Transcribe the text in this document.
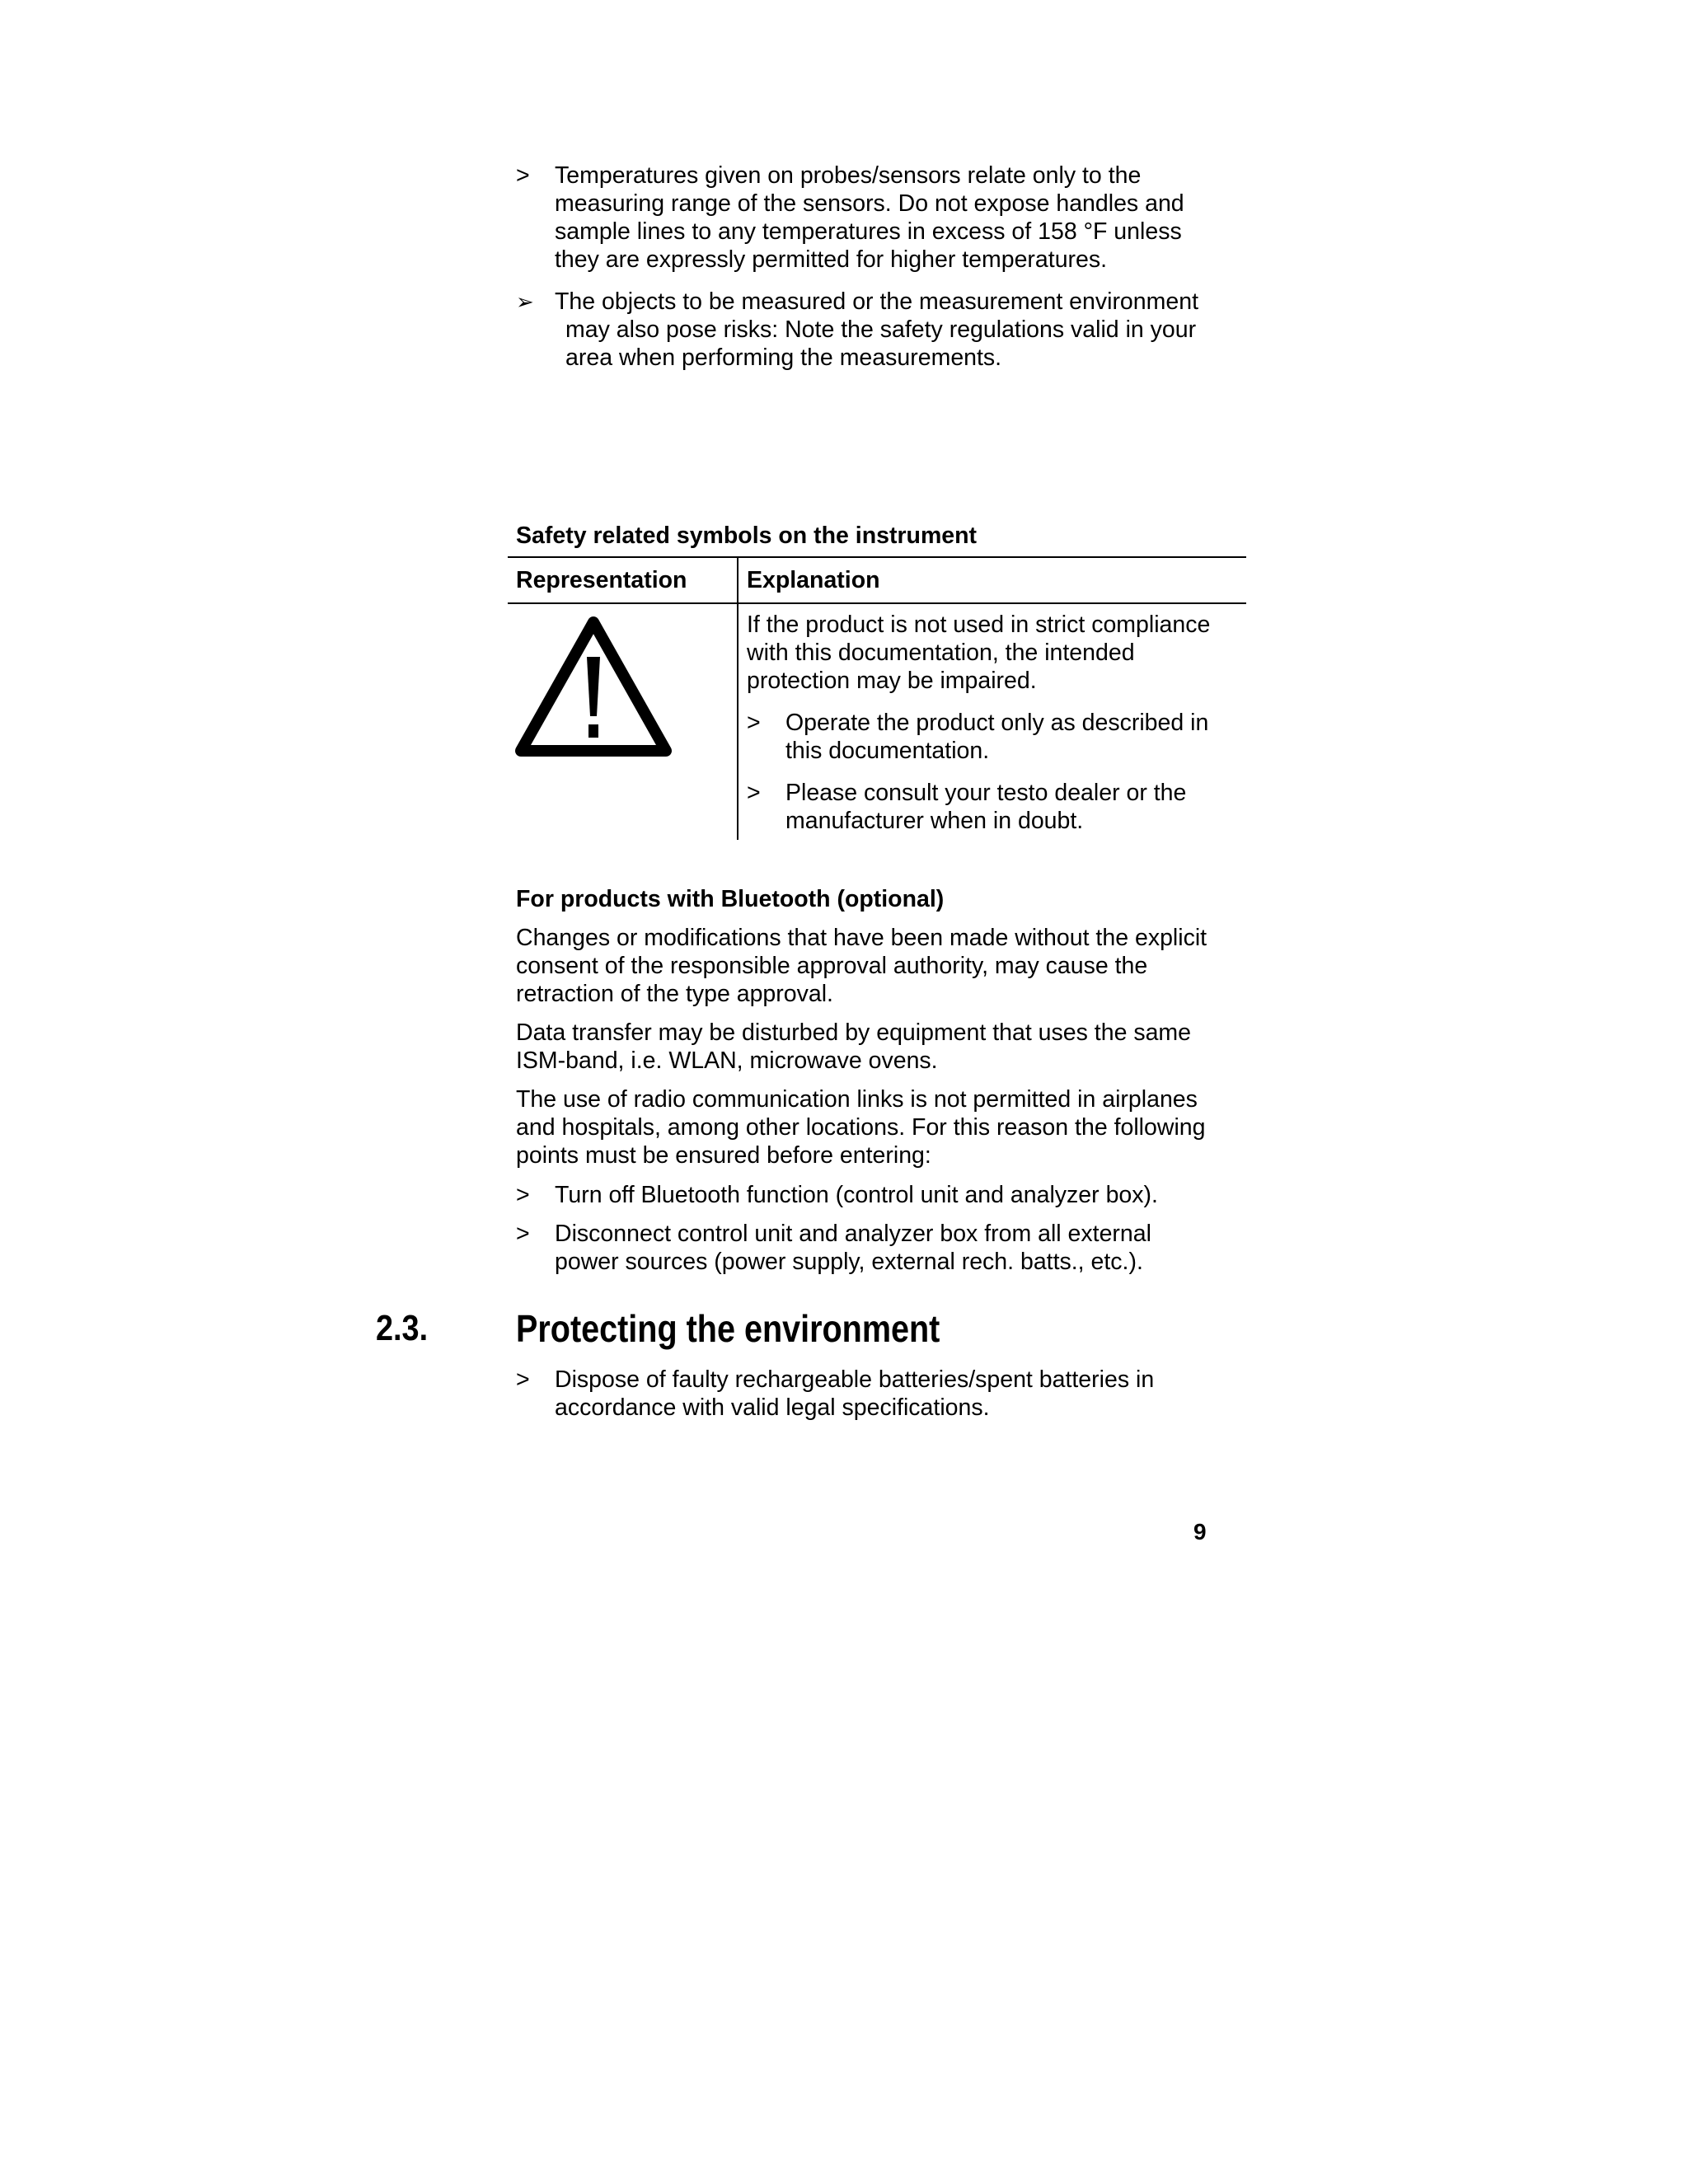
>	Temperatures given on probes/sensors relate only to the
measuring range of the sensors. Do not expose handles and
sample lines to any temperatures in excess of 158 °F unless
they are expressly permitted for higher temperatures.
➢ The objects to be measured or the measurement environment
may also pose risks: Note the safety regulations valid in your
area when performing the measurements.
Safety related symbols on the instrument
Representation	Explanation
If the product is not used in strict compliance
with this documentation, the intended
protection may be impaired.
>	Operate the product only as described in
this documentation.
>	Please consult your testo dealer or the
manufacturer when in doubt.
For products with Bluetooth (optional)
Changes or modifications that have been made without the explicit
consent of the responsible approval authority, may cause the
retraction of the type approval.
Data transfer may be disturbed by equipment that uses the same
ISM-band, i.e. WLAN, microwave ovens.
The use of radio communication links is not permitted in airplanes
and hospitals, among other locations. For this reason the following
points must be ensured before entering:
>	Turn off Bluetooth function (control unit and analyzer box).
>	Disconnect control unit and analyzer box from all external
power sources (power supply, external rech. batts., etc.).
2.3. Protecting the environment
>	Dispose of faulty rechargeable batteries/spent batteries in
accordance with valid legal specifications.
9
